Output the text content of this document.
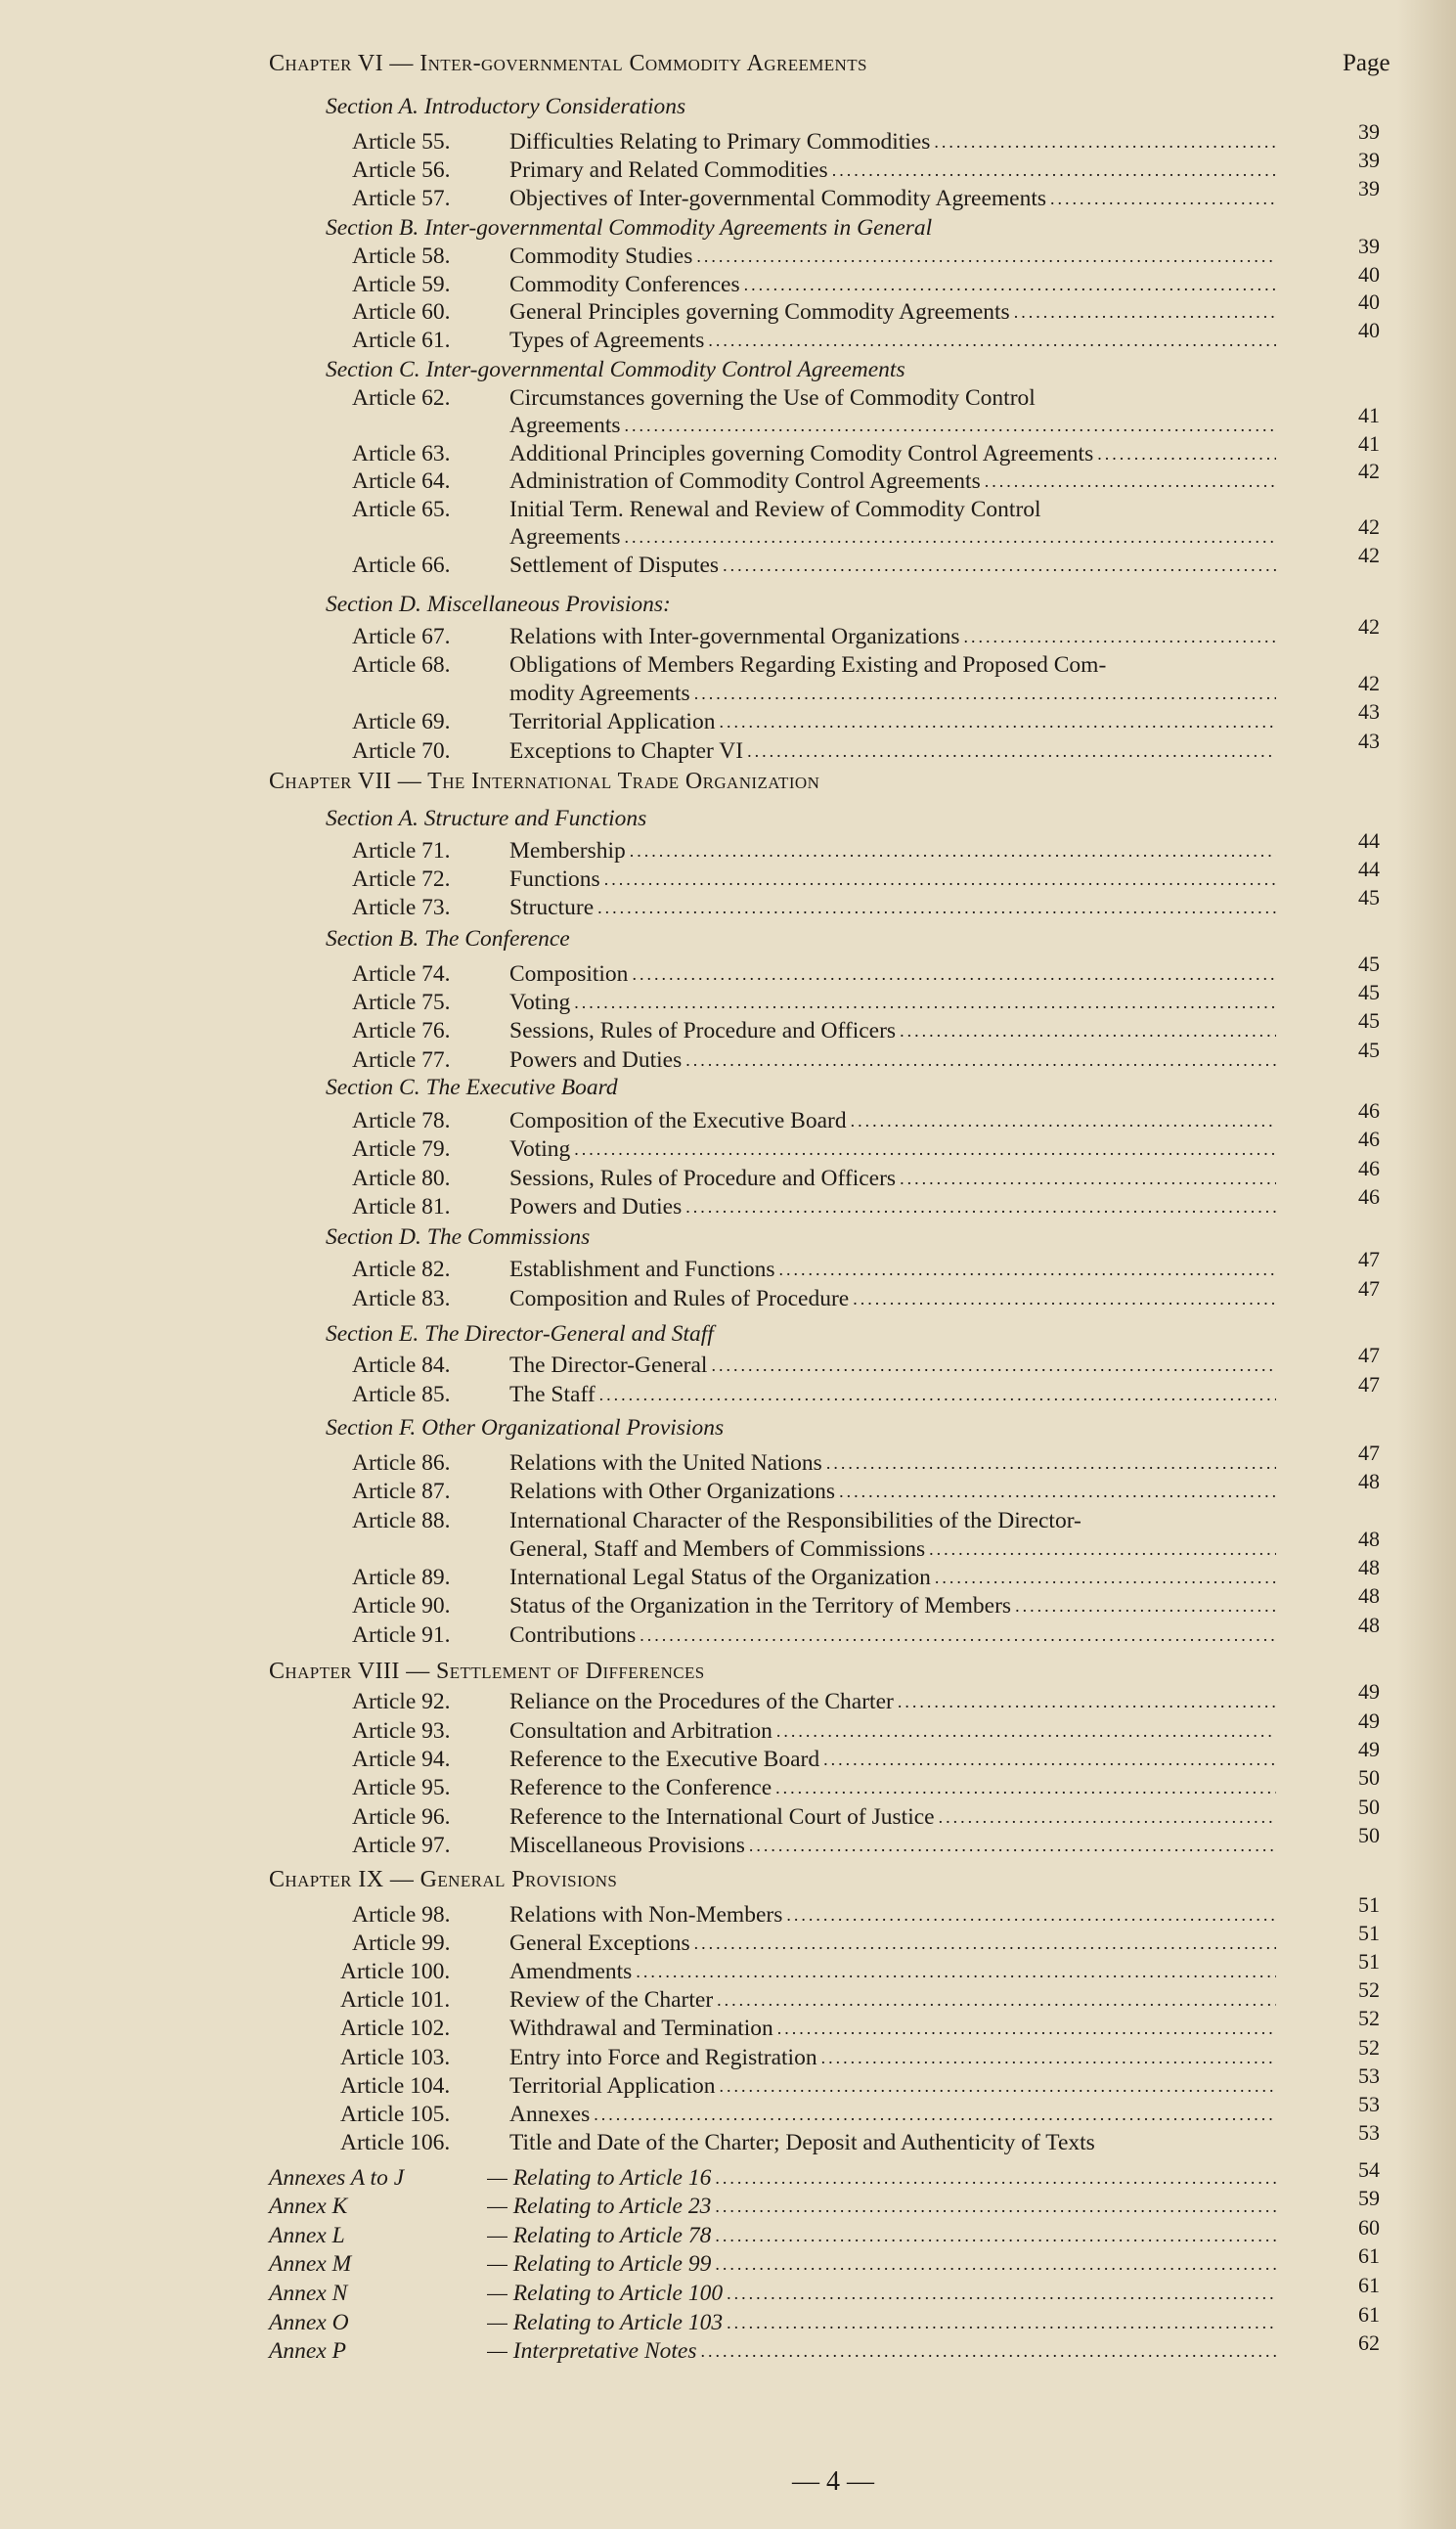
Page
Chapter VI — Inter-governmental Commodity Agreements
Section A. Introductory Considerations
Article 55.	Difficulties Relating to Primary Commodities .....	39
Article 56.	Primary and Related Commodities .....	39
Article 57.	Objectives of Inter-governmental Commodity Agreements .....	39
Section B. Inter-governmental Commodity Agreements in General
Article 58.	Commodity Studies .....	39
Article 59.	Commodity Conferences .....	40
Article 60.	General Principles governing Commodity Agreements .....	40
Article 61.	Types of Agreements .....	40
Section C. Inter-governmental Commodity Control Agreements
Article 62.	Circumstances governing the Use of Commodity Control
Agreements .....	41
Article 63.	Additional Principles governing Comodity Control Agreements .....	41
Article 64.	Administration of Commodity Control Agreements .....	42
Article 65.	Initial Term. Renewal and Review of Commodity Control
Agreements .....	42
Article 66.	Settlement of Disputes .....	42
Section D. Miscellaneous Provisions:
Article 67.	Relations with Inter-governmental Organizations .....	42
Article 68.	Obligations of Members Regarding Existing and Proposed Com-
modity Agreements .....	42
Article 69.	Territorial Application .....	43
Article 70.	Exceptions to Chapter VI .....	43
Chapter VII — The International Trade Organization
Section A. Structure and Functions
Article 71.	Membership .....	44
Article 72.	Functions .....	44
Article 73.	Structure .....	45
Section B. The Conference
Article 74.	Composition .....	45
Article 75.	Voting .....	45
Article 76.	Sessions, Rules of Procedure and Officers .....	45
Article 77.	Powers and Duties .....	45
Section C. The Executive Board
Article 78.	Composition of the Executive Board .....	46
Article 79.	Voting .....	46
Article 80.	Sessions, Rules of Procedure and Officers .....	46
Article 81.	Powers and Duties .....	46
Section D. The Commissions
Article 82.	Establishment and Functions .....	47
Article 83.	Composition and Rules of Procedure .....	47
Section E. The Director-General and Staff
Article 84.	The Director-General .....	47
Article 85.	The Staff .....	47
Section F. Other Organizational Provisions
Article 86.	Relations with the United Nations .....	47
Article 87.	Relations with Other Organizations .....	48
Article 88.	International Character of the Responsibilities of the Director-
General, Staff and Members of Commissions .....	48
Article 89.	International Legal Status of the Organization .....	48
Article 90.	Status of the Organization in the Territory of Members .....	48
Article 91.	Contributions .....	48
Chapter VIII — Settlement of Differences
Article 92.	Reliance on the Procedures of the Charter .....	49
Article 93.	Consultation and Arbitration .....	49
Article 94.	Reference to the Executive Board .....	49
Article 95.	Reference to the Conference .....	50
Article 96.	Reference to the International Court of Justice .....	50
Article 97.	Miscellaneous Provisions .....	50
Chapter IX — General Provisions
Article 98.	Relations with Non-Members .....	51
Article 99.	General Exceptions .....	51
Article 100.	Amendments .....	51
Article 101.	Review of the Charter .....	52
Article 102.	Withdrawal and Termination .....	52
Article 103.	Entry into Force and Registration .....	52
Article 104.	Territorial Application .....	53
Article 105.	Annexes .....	53
Article 106.	Title and Date of the Charter; Deposit and Authenticity of Texts	53
Annexes A to J	— Relating to Article 16 .....	54
Annex K	— Relating to Article 23 .....	59
Annex L	— Relating to Article 78 .....	60
Annex M	— Relating to Article 99 .....	61
Annex N	— Relating to Article 100 .....	61
Annex O	— Relating to Article 103 .....	61
Annex P	— Interpretative Notes .....	62
— 4 —
